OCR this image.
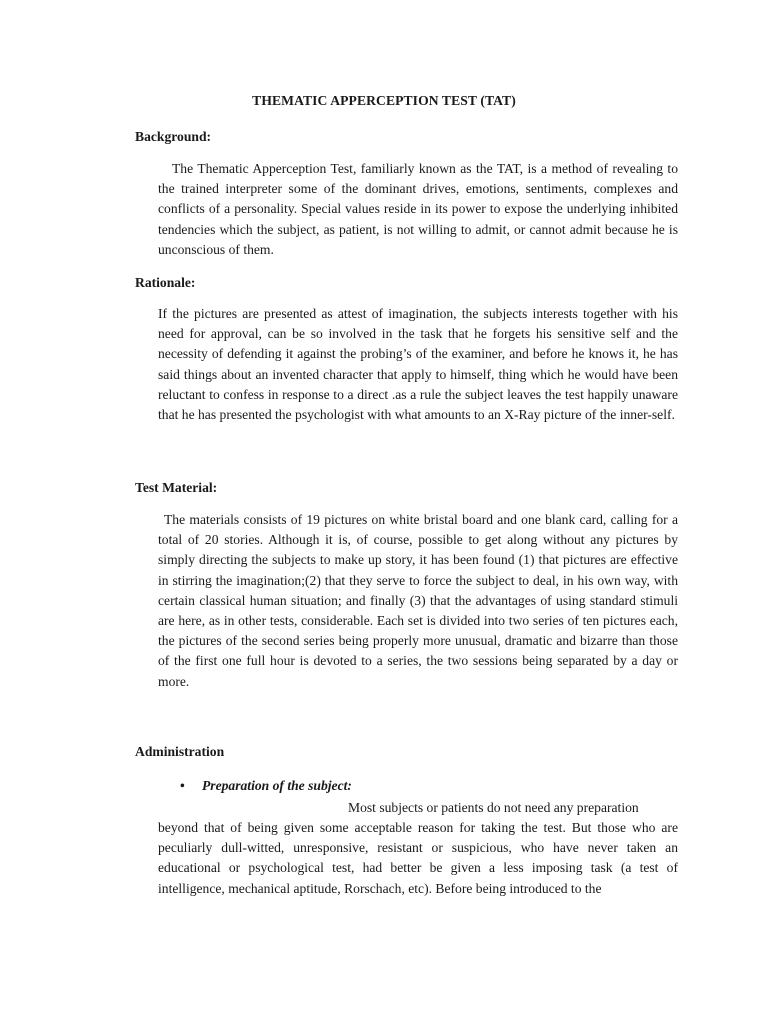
THEMATIC APPERCEPTION TEST (TAT)
Background:

The Thematic Apperception Test, familiarly known as the TAT, is a method of revealing to the trained interpreter some of the dominant drives, emotions, sentiments, complexes and conflicts of a personality. Special values reside in its power to expose the underlying inhibited tendencies which the subject, as patient, is not willing to admit, or cannot admit because he is unconscious of them.

Rationale:

If the pictures are presented as attest of imagination, the subjects interests together with his need for approval, can be so involved in the task that he forgets his sensitive self and the necessity of defending it against the probing’s of the examiner, and before he knows it, he has said things about an invented character that apply to himself, thing which he would have been reluctant to confess in response to a direct .as a rule the subject leaves the test happily unaware that he has presented the psychologist with what amounts to an X-Ray picture of the inner-self.

Test Material:

The materials consists of 19 pictures on white bristal board and one blank card, calling for a total of 20 stories. Although it is, of course, possible to get along without any pictures by simply directing the subjects to make up story, it has been found (1) that pictures are effective in stirring the imagination;(2) that they serve to force the subject to deal, in his own way, with certain classical human situation; and finally (3) that the advantages of using standard stimuli are here, as in other tests, considerable. Each set is divided into two series of ten pictures each, the pictures of the second series being properly more unusual, dramatic and bizarre than those of the first one full hour is devoted to a series, the two sessions being separated by a day or more.

Administration
• Preparation of the subject:
Most subjects or patients do not need any preparation

beyond that of being given some acceptable reason for taking the test. But those who are peculiarly dull-witted, unresponsive, resistant or suspicious, who have never taken an educational or psychological test, had better be given a less imposing task (a test of intelligence, mechanical aptitude, Rorschach, etc). Before being introduced to the
